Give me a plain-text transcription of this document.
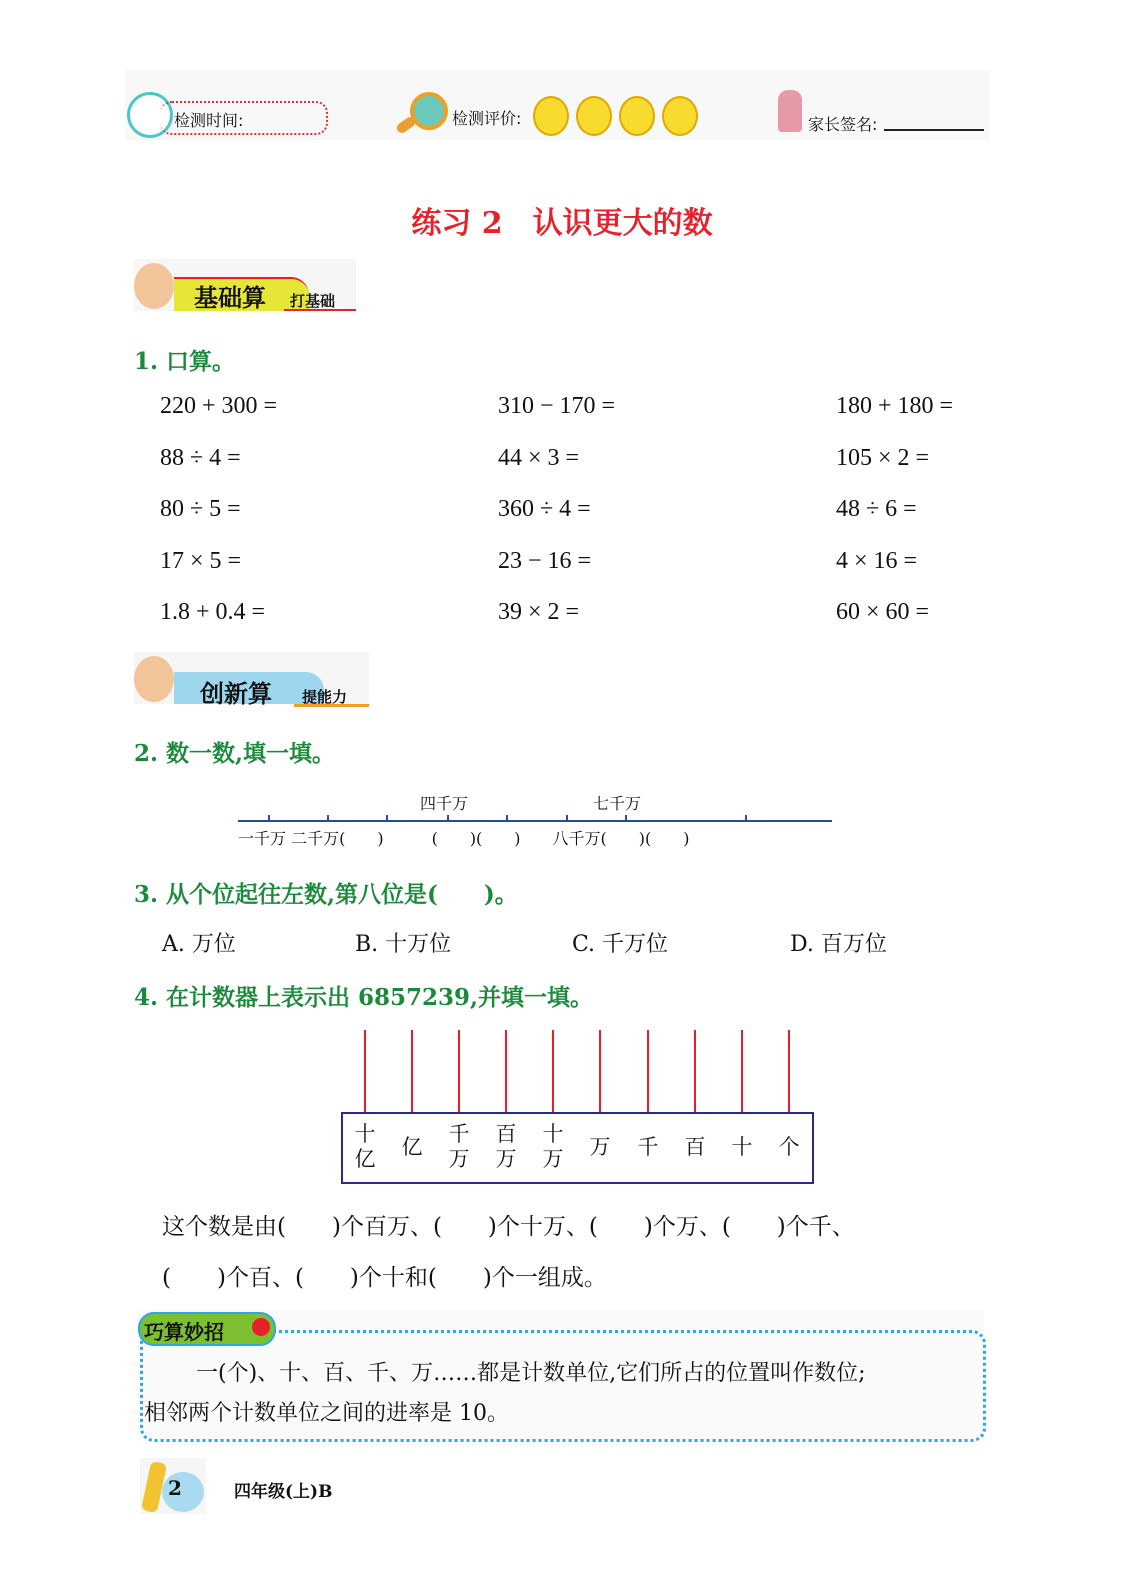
检测时间:	检测评价:	家长签名:
练习 2　认识更大的数
基础算 打基础
1. 口算。
220 + 300 =	310 − 170 =	180 + 180 =
88 ÷ 4 =	44 × 3 =	105 × 2 =
80 ÷ 5 =	360 ÷ 4 =	48 ÷ 6 =
17 × 5 =	23 − 16 =	4 × 16 =
1.8 + 0.4 =	39 × 2 =	60 × 60 =
创新算 提能力
2. 数一数,填一填。
四千万	七千万
一千万 二千万(　　)　　　(　　)(　　)　　八千万(　　)(　　)
3. 从个位起往左数,第八位是(　　)。
A. 万位	B. 十万位	C. 千万位	D. 百万位
4. 在计数器上表示出 6857239,并填一填。
十亿 亿
千万
百万
十万 万 千 百 十 个
这个数是由(　　)个百万、(　　)个十万、(　　)个万、(　　)个千、
(　　)个百、(　　)个十和(　　)个一组成。
巧算妙招
一(个)、十、百、千、万……都是计数单位,它们所占的位置叫作数位;
相邻两个计数单位之间的进率是 10。
2	四年级(上)B
